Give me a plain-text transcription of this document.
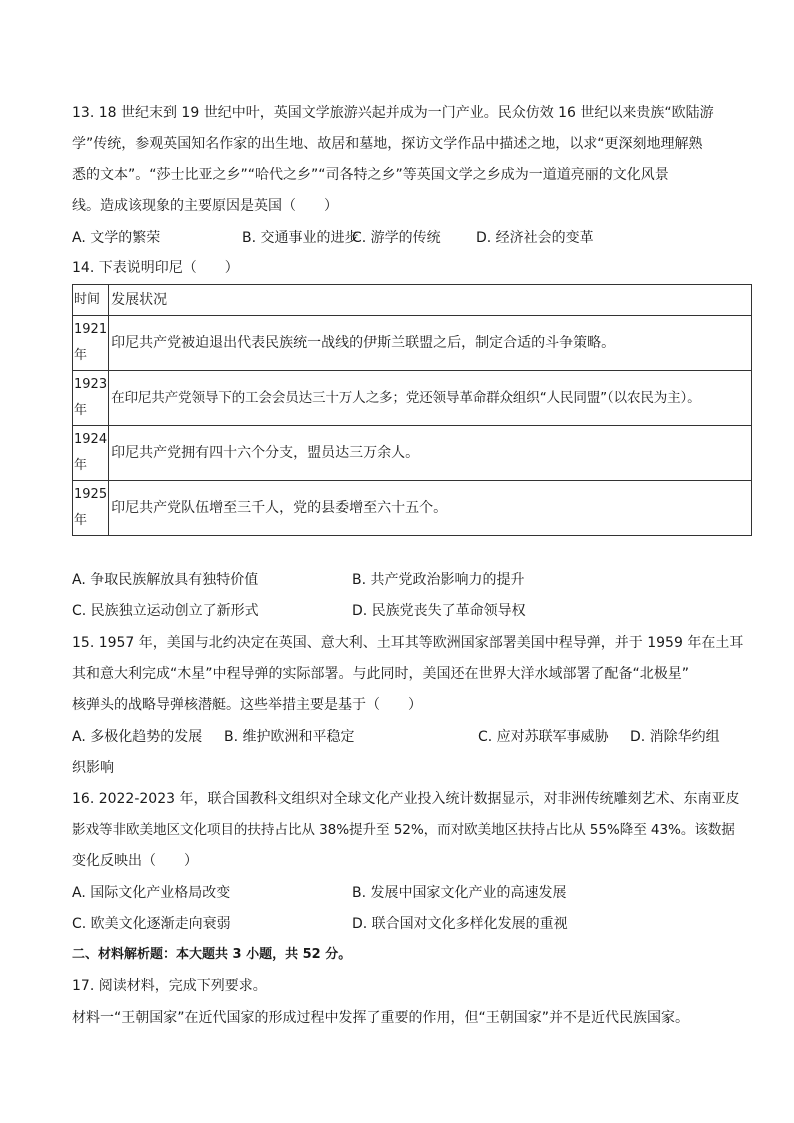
13. 18 世纪末到 19 世纪中叶，英国文学旅游兴起并成为一门产业。民众仿效 16 世纪以来贵族“欧陆游
学”传统，参观英国知名作家的出生地、故居和墓地，探访文学作品中描述之地，以求“更深刻地理解熟
悉的文本”。“莎士比亚之乡”“哈代之乡”“司各特之乡”等英国文学之乡成为一道道亮丽的文化风景
线。造成该现象的主要原因是英国（　　）
A. 文学的繁荣	B. 交通事业的进步
C. 游学的传统	D. 经济社会的变革
14. 下表说明印尼（　　）
时间	发展状况
1921
年	印尼共产党被迫退出代表民族统一战线的伊斯兰联盟之后，制定合适的斗争策略。
1923
年	在印尼共产党领导下的工会会员达三十万人之多；党还领导革命群众组织“人民同盟”（以农民为主）。
1924
年	印尼共产党拥有四十六个分支，盟员达三万余人。
1925
年	印尼共产党队伍增至三千人，党的县委增至六十五个。
A. 争取民族解放具有独特价值	B. 共产党政治影响力的提升
C. 民族独立运动创立了新形式	D. 民族党丧失了革命领导权
15. 1957 年，美国与北约决定在英国、意大利、土耳其等欧洲国家部署美国中程导弹，并于 1959 年在土耳
其和意大利完成“木星”中程导弹的实际部署。与此同时，美国还在世界大洋水域部署了配备“北极星”
核弹头的战略导弹核潜艇。这些举措主要是基于（　　）
A. 多极化趋势的发展 B. 维护欧洲和平稳定	C. 应对苏联军事威胁 D. 消除华约组
织影响
16. 2022-2023 年，联合国教科文组织对全球文化产业投入统计数据显示，对非洲传统雕刻艺术、东南亚皮
影戏等非欧美地区文化项目的扶持占比从 38%提升至 52%，而对欧美地区扶持占比从 55%降至 43%。该数据
变化反映出（　　）
A. 国际文化产业格局改变	B. 发展中国家文化产业的高速发展
C. 欧美文化逐渐走向衰弱	D. 联合国对文化多样化发展的重视
二、材料解析题：本大题共 3 小题，共 52 分。
17. 阅读材料，完成下列要求。
材料一“王朝国家”在近代国家的形成过程中发挥了重要的作用，但“王朝国家”并不是近代民族国家。
